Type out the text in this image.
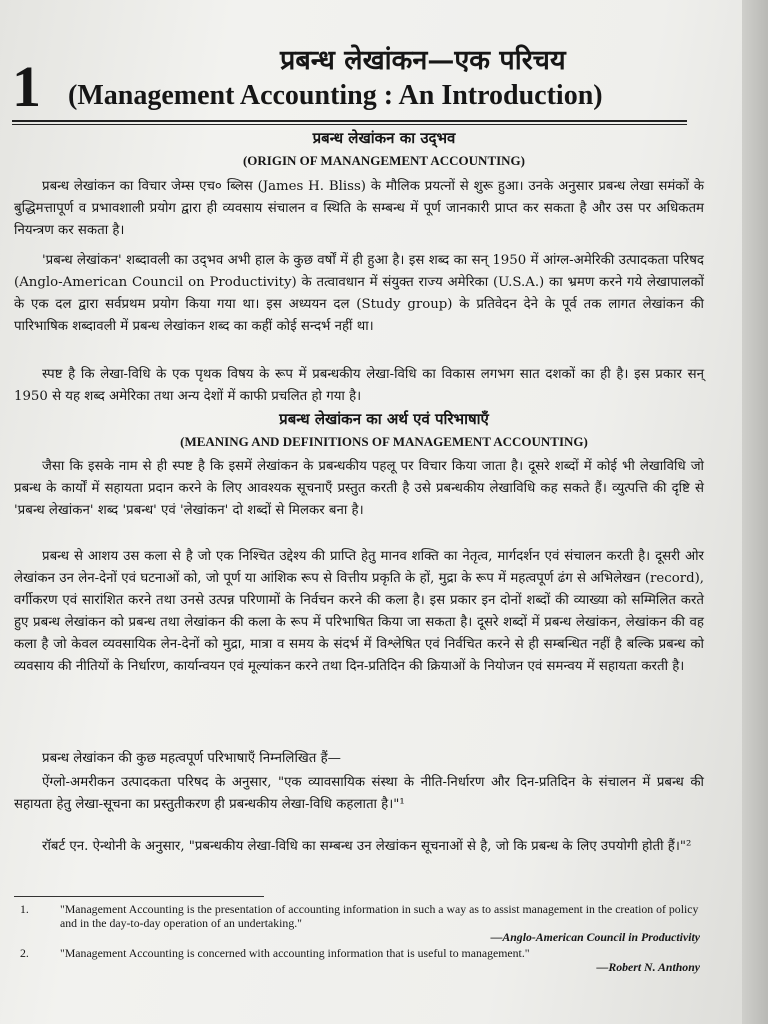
1	प्रबन्ध लेखांकन—एक परिचय
(Management Accounting : An Introduction)
प्रबन्ध लेखांकन का उद्‌भव
(ORIGIN OF MANANGEMENT ACCOUNTING)

प्रबन्ध लेखांकन का विचार जेम्स एच० ब्लिस (James H. Bliss) के मौलिक प्रयत्नों से शुरू हुआ। उनके अनुसार प्रबन्ध लेखा समंकों के बुद्धिमत्तापूर्ण व प्रभावशाली प्रयोग द्वारा ही व्यवसाय संचालन व स्थिति के सम्बन्ध में पूर्ण जानकारी प्राप्त कर सकता है और उस पर अधिकतम नियन्त्रण कर सकता है।

'प्रबन्ध लेखांकन' शब्दावली का उद्‌भव अभी हाल के कुछ वर्षों में ही हुआ है। इस शब्द का सन् 1950 में आंग्ल-अमेरिकी उत्पादकता परिषद (Anglo-American Council on Productivity) के तत्वावधान में संयुक्त राज्य अमेरिका (U.S.A.) का भ्रमण करने गये लेखापालकों के एक दल द्वारा सर्वप्रथम प्रयोग किया गया था। इस अध्ययन दल (Study group) के प्रतिवेदन देने के पूर्व तक लागत लेखांकन की पारिभाषिक शब्दावली में प्रबन्ध लेखांकन शब्द का कहीं कोई सन्दर्भ नहीं था।

स्पष्ट है कि लेखा-विधि के एक पृथक विषय के रूप में प्रबन्धकीय लेखा-विधि का विकास लगभग सात दशकों का ही है। इस प्रकार सन् 1950 से यह शब्द अमेरिका तथा अन्य देशों में काफी प्रचलित हो गया है।

प्रबन्ध लेखांकन का अर्थ एवं परिभाषाएँ
(MEANING AND DEFINITIONS OF MANAGEMENT ACCOUNTING)

जैसा कि इसके नाम से ही स्पष्ट है कि इसमें लेखांकन के प्रबन्धकीय पहलू पर विचार किया जाता है। दूसरे शब्दों में कोई भी लेखाविधि जो प्रबन्ध के कार्यों में सहायता प्रदान करने के लिए आवश्यक सूचनाएँ प्रस्तुत करती है उसे प्रबन्धकीय लेखाविधि कह सकते हैं। व्युत्पत्ति की दृष्टि से 'प्रबन्ध लेखांकन' शब्द 'प्रबन्ध' एवं 'लेखांकन' दो शब्दों से मिलकर बना है।

प्रबन्ध से आशय उस कला से है जो एक निश्चित उद्देश्य की प्राप्ति हेतु मानव शक्ति का नेतृत्व, मार्गदर्शन एवं संचालन करती है। दूसरी ओर लेखांकन उन लेन-देनों एवं घटनाओं को, जो पूर्ण या आंशिक रूप से वित्तीय प्रकृति के हों, मुद्रा के रूप में महत्वपूर्ण ढंग से अभिलेखन (record), वर्गीकरण एवं सारांशित करने तथा उनसे उत्पन्न परिणामों के निर्वचन करने की कला है। इस प्रकार इन दोनों शब्दों की व्याख्या को सम्मिलित करते हुए प्रबन्ध लेखांकन को प्रबन्ध तथा लेखांकन की कला के रूप में परिभाषित किया जा सकता है। दूसरे शब्दों में प्रबन्ध लेखांकन, लेखांकन की वह कला है जो केवल व्यवसायिक लेन-देनों को मुद्रा, मात्रा व समय के संदर्भ में विश्लेषित एवं निर्वचित करने से ही सम्बन्धित नहीं है बल्कि प्रबन्ध को व्यवसाय की नीतियों के निर्धारण, कार्यान्वयन एवं मूल्यांकन करने तथा दिन-प्रतिदिन की क्रियाओं के नियोजन एवं समन्वय में सहायता करती है।

प्रबन्ध लेखांकन की कुछ महत्वपूर्ण परिभाषाएँ निम्नलिखित हैं—

ऐंग्लो-अमरीकन उत्पादकता परिषद के अनुसार, "एक व्यावसायिक संस्था के नीति-निर्धारण और दिन-प्रतिदिन के संचालन में प्रबन्ध की सहायता हेतु लेखा-सूचना का प्रस्तुतीकरण ही प्रबन्धकीय लेखा-विधि कहलाता है।"¹

रॉबर्ट एन. ऐन्थोनी के अनुसार, "प्रबन्धकीय लेखा-विधि का सम्बन्ध उन लेखांकन सूचनाओं से है, जो कि प्रबन्ध के लिए उपयोगी होती हैं।"²

1.	"Management Accounting is the presentation of accounting information in such a way as to assist management in the creation of policy and in the day-to-day operation of an undertaking."
—Anglo-American Council in Productivity
2.	"Management Accounting is concerned with accounting information that is useful to management."
—Robert N. Anthony
